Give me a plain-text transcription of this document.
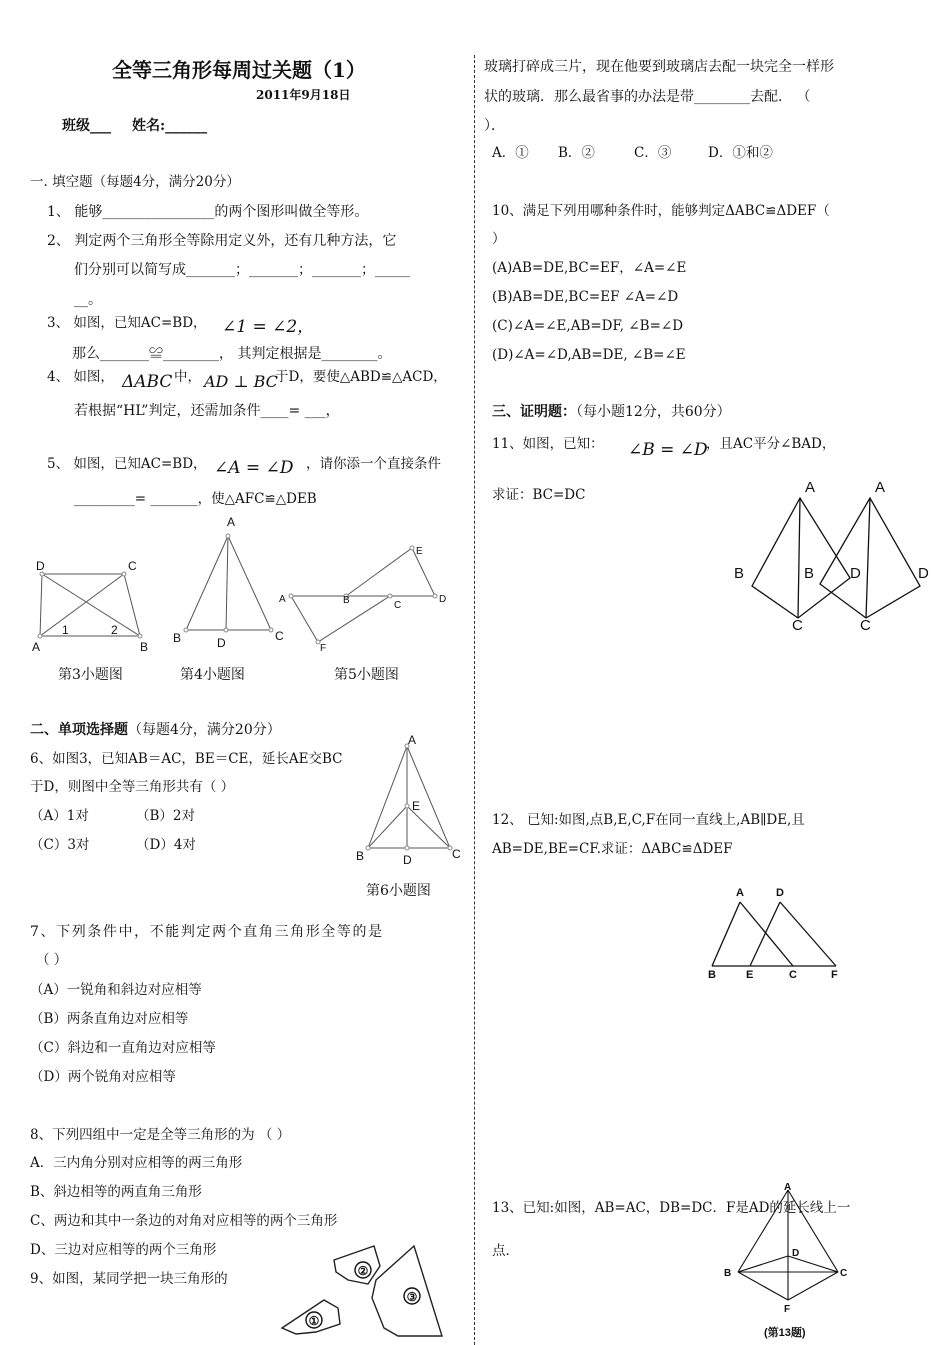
全等三角形每周过关题（1）
2011年9月18日
班级___ 姓名:______
一. 填空题（每题4分，满分20分）
1、 能够________________的两个图形叫做全等形。
2、 判定两个三角形全等除用定义外，还有几种方法，它
们分别可以简写成_______；_______；_______；_____
__。
3、 如图，已知AC=BD， ∠1 = ∠2，
那么_______≌________， 其判定根据是________。
4、 如图， ΔABC 中， AD ⊥ BC
于D，要使△ABD≌△ACD，
若根据“HL”判定，还需加条件____= ___，
5、 如图，已知AC=BD， ∠A = ∠D ，请你添一个直接条件
_________= _______，使△AFC≌△DEB
D	C
A	B
1	2
B	D	C
E
A	B	C
D
F
A
第3小题图	第4小题图	第5小题图
二、单项选择题（每题4分，满分20分）
6、如图3，已知AB＝AC，BE＝CE，延长AE交BC
于D，则图中全等三角形共有（ ）
（A）1对	（B）2对
（C）3对	（D）4对
A
E
B	D	C
第6小题图
7、下列条件中，不能判定两个直角三角形全等的是
（ ）
（A）一锐角和斜边对应相等
（B）两条直角边对应相等
（C）斜边和一直角边对应相等
（D）两个锐角对应相等
8、下列四组中一定是全等三角形的为 （ ）
A．三内角分别对应相等的两三角形
B、斜边相等的两直角三角形
C、两边和其中一条边的对角对应相等的两个三角形
D、三边对应相等的两个三角形
9、如图，某同学把一块三角形的
①
②
③
玻璃打碎成三片，现在他要到玻璃店去配一块完全一样形
状的玻璃．那么最省事的办法是带________去配． （
）．
A．① B．②	C．③	D．①和②
10、满足下列用哪种条件时，能够判定ΔABC≌ΔDEF（
）
(A)AB=DE,BC=EF，∠A=∠E
(B)AB=DE,BC=EF ∠A=∠D
(C)∠A=∠E,AB=DF, ∠B=∠D
(D)∠A=∠D,AB=DE, ∠B=∠E
三、证明题：（每小题12分，共60分）
11、如图，已知： ∠B = ∠D
，且AC平分∠BAD，
求证：BC=DC	A	A
B	B D	D
C	C
12、 已知:如图,点B,E,C,F在同一直线上,AB∥DE,且
AB=DE,BE=CF.求证：ΔABC≌ΔDEF
A	D
B	E	C	F
13、已知:如图，AB=AC，DB=DC．F是AD的延长线上一
点．
A
D
B	C
F
(第13题)
